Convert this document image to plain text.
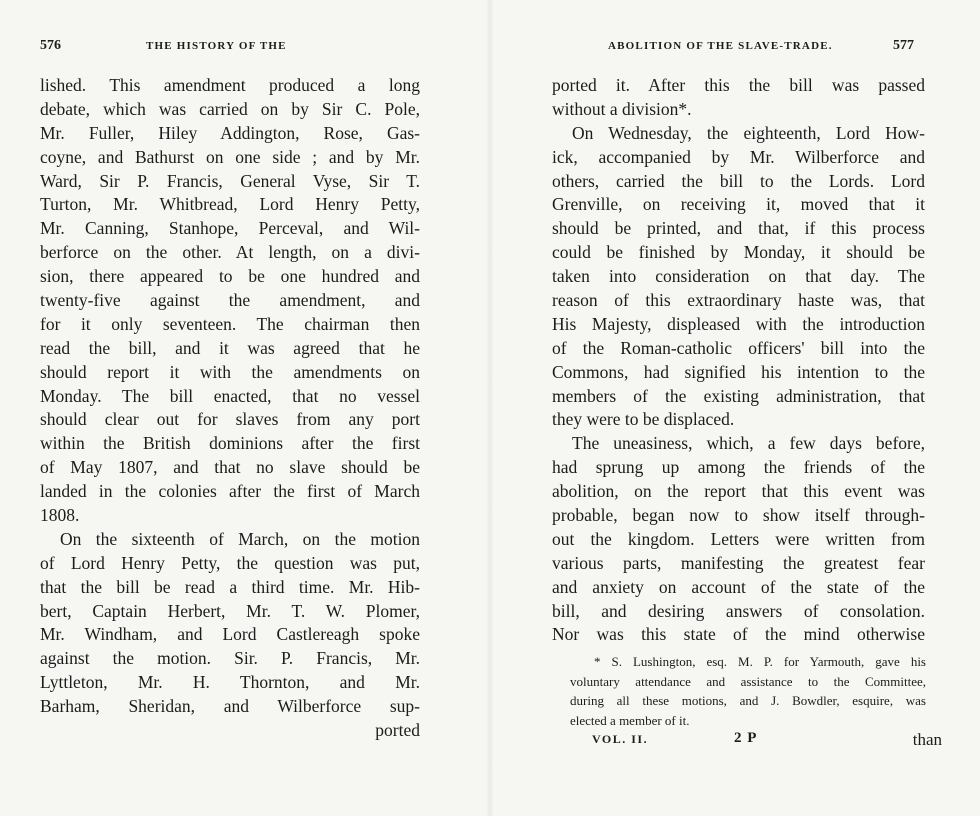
576	THE HISTORY OF THE
lished. This amendment produced a long
debate, which was carried on by Sir C. Pole,
Mr. Fuller, Hiley Addington, Rose, Gas-
coyne, and Bathurst on one side ; and by Mr.
Ward, Sir P. Francis, General Vyse, Sir T.
Turton, Mr. Whitbread, Lord Henry Petty,
Mr. Canning, Stanhope, Perceval, and Wil-
berforce on the other. At length, on a divi-
sion, there appeared to be one hundred and
twenty-five against the amendment, and
for it only seventeen. The chairman then
read the bill, and it was agreed that he
should report it with the amendments on
Monday. The bill enacted, that no vessel
should clear out for slaves from any port
within the British dominions after the first
of May 1807, and that no slave should be
landed in the colonies after the first of March
1808.
On the sixteenth of March, on the motion
of Lord Henry Petty, the question was put,
that the bill be read a third time. Mr. Hib-
bert, Captain Herbert, Mr. T. W. Plomer,
Mr. Windham, and Lord Castlereagh spoke
against the motion. Sir. P. Francis, Mr.
Lyttleton, Mr. H. Thornton, and Mr.
Barham, Sheridan, and Wilberforce sup-
ported
ABOLITION OF THE SLAVE-TRADE.	577
ported it. After this the bill was passed
without a division*.
On Wednesday, the eighteenth, Lord How-
ick, accompanied by Mr. Wilberforce and
others, carried the bill to the Lords. Lord
Grenville, on receiving it, moved that it
should be printed, and that, if this process
could be finished by Monday, it should be
taken into consideration on that day. The
reason of this extraordinary haste was, that
His Majesty, displeased with the introduction
of the Roman-catholic officers' bill into the
Commons, had signified his intention to the
members of the existing administration, that
they were to be displaced.
The uneasiness, which, a few days before,
had sprung up among the friends of the
abolition, on the report that this event was
probable, began now to show itself through-
out the kingdom. Letters were written from
various parts, manifesting the greatest fear
and anxiety on account of the state of the
bill, and desiring answers of consolation.
Nor was this state of the mind otherwise
* S. Lushington, esq. M. P. for Yarmouth, gave his
voluntary attendance and assistance to the Committee,
during all these motions, and J. Bowdler, esquire, was
elected a member of it.
VOL. II.	2 P	than
